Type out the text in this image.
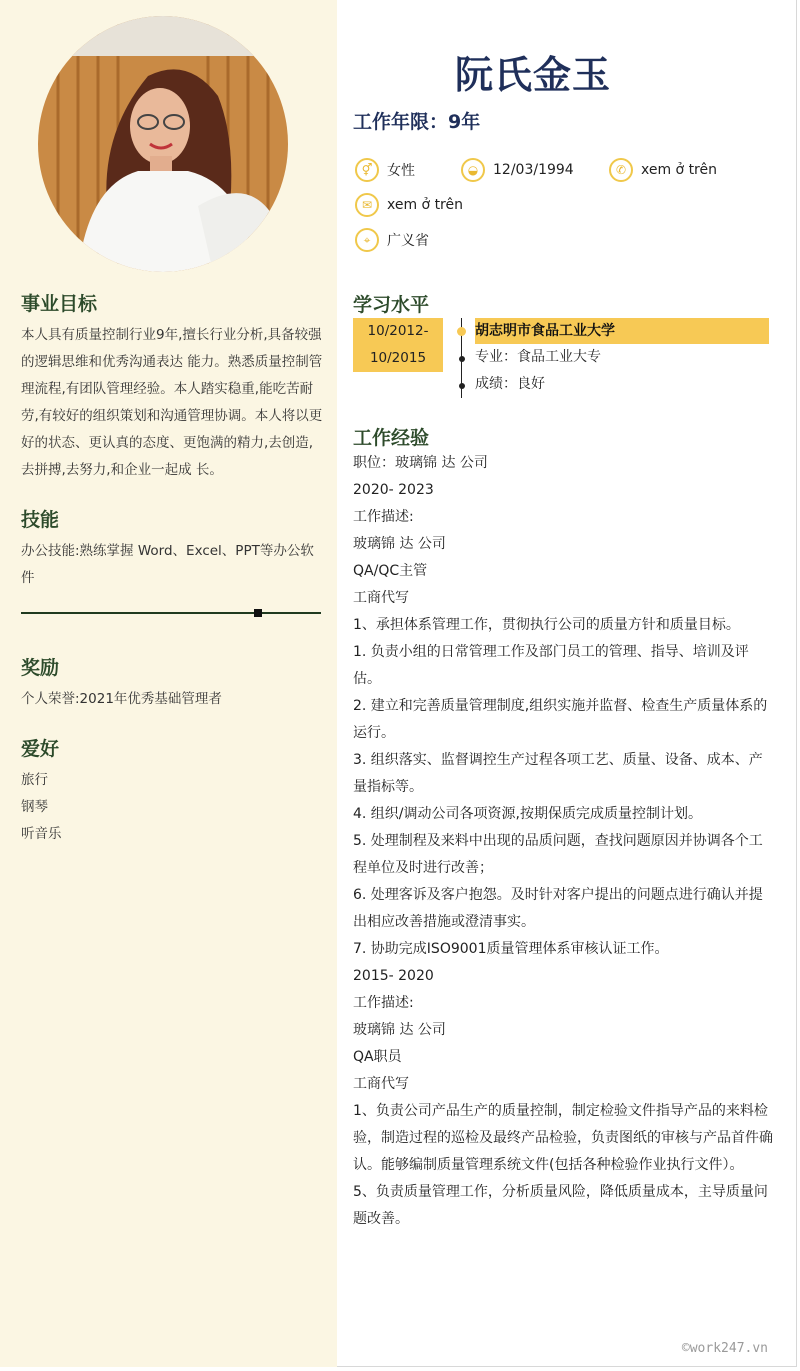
事业目标

本人具有质量控制行业9年,擅长行业分析,具备较强的逻辑思维和优秀沟通表达 能力。熟悉质量控制管理流程,有团队管理经验。本人踏实稳重,能吃苦耐劳,有较好的组织策划和沟通管理协调。本人将以更好的状态、更认真的态度、更饱满的精力,去创造,去拼搏,去努力,和企业一起成 长。

技能

办公技能:熟练掌握 Word、Excel、PPT等办公软件

奖励

个人荣誉:2021年优秀基础管理者

爱好

旅行

钢琴

听音乐

阮氏金玉
工作年限：9年
⚥	女性	◒	12/03/1994	✆	xem ở trên
✉	xem ở trên
⌖	广义省
学习水平
10/2012-
10/2015
胡志明市食品工业大学
专业：食品工业大专
成绩：良好
工作经验

职位：玻璃锦 达 公司

2020- 2023

工作描述:

玻璃锦 达 公司

QA/QC主管

工商代写

1、承担体系管理工作，贯彻执行公司的质量方针和质量目标。

1. 负责小组的日常管理工作及部门员工的管理、指导、培训及评估。

2. 建立和完善质量管理制度,组织实施并监督、检查生产质量体系的运行。

3. 组织落实、监督调控生产过程各项工艺、质量、设备、成本、产量指标等。

4. 组织/调动公司各项资源,按期保质完成质量控制计划。

5. 处理制程及来料中出现的品质问题，查找问题原因并协调各个工程单位及时进行改善；

6. 处理客诉及客户抱怨。及时针对客户提出的问题点进行确认并提出相应改善措施或澄清事实。

7. 协助完成ISO9001质量管理体系审核认证工作。

2015- 2020

工作描述:

玻璃锦 达 公司

QA职员

工商代写

1、负责公司产品生产的质量控制，制定检验文件指导产品的来料检验，制造过程的巡检及最终产品检验，负责图纸的审核与产品首件确认。能够编制质量管理系统文件(包括各种检验作业执行文件）。

5、负责质量管理工作，分析质量风险，降低质量成本，主导质量问题改善。

©work247.vn
